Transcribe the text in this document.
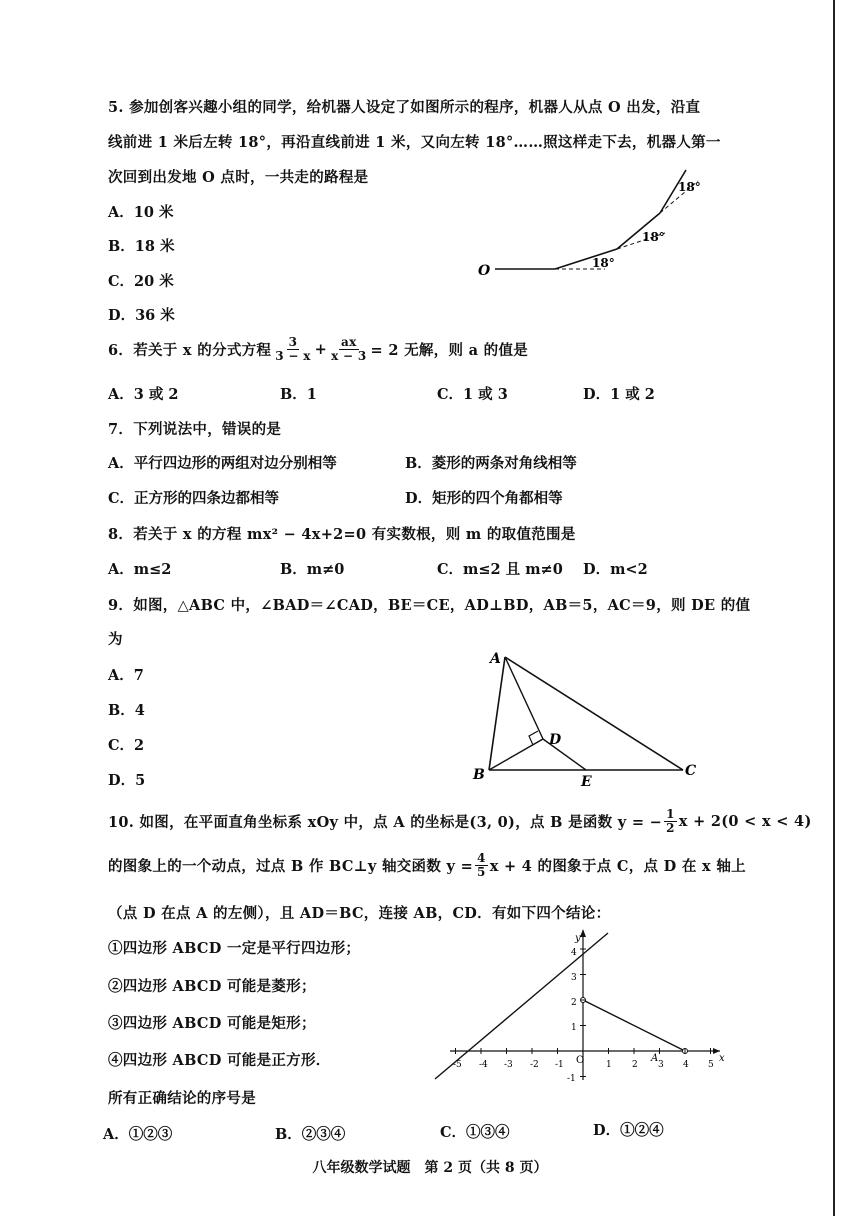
5. 参加创客兴趣小组的同学，给机器人设定了如图所示的程序，机器人从点 O 出发，沿直
线前进 1 米后左转 18°，再沿直线前进 1 米，又向左转 18°……照这样走下去，机器人第一
次回到出发地 O 点时，一共走的路程是
A．10 米
B．18 米
C．20 米
D．36 米
O	18°
18°
18°
6．若关于 x 的分式方程 $\frac{3}{3 - x} + \frac{ax}{x - 3} = 2$ 无解，则 a 的值是
A．3 或 2	B．1	C．1 或 3	D．1 或 2
7．下列说法中，错误的是
A．平行四边形的两组对边分别相等	B．菱形的两条对角线相等
C．正方形的四条边都相等	D．矩形的四个角都相等
8．若关于 x 的方程 mx² − 4x+2=0 有实数根，则 m 的取值范围是
A．m≤2	B．m≠0	C．m≤2 且 m≠0 D．m<2
9．如图，△ABC 中，∠BAD＝∠CAD，BE＝CE，AD⊥BD，AB＝5，AC＝9，则 DE 的值
为
A．7
B．4
C．2
D．5
A
B	C
D
E
10. 如图，在平面直角坐标系 xOy 中，点 A 的坐标是(3, 0)，点 B 是函数 y = − $\frac{1}{2}$ x + 2(0 < x < 4)
的图象上的一个动点，过点 B 作 BC⊥y 轴交函数 $y = \frac{4}{5}$ x + 4 的图象于点 C，点 D 在 x 轴上
（点 D 在点 A 的左侧），且 AD＝BC，连接 AB，CD．有如下四个结论：
①四边形 ABCD 一定是平行四边形；
②四边形 ABCD 可能是菱形；
③四边形 ABCD 可能是矩形；
④四边形 ABCD 可能是正方形．
所有正确结论的序号是
A．①②③	B．②③④	C．①③④	D．①②④
y
x
O	A
-1
-2
-3
-4
-5	1 2 3 4 5
4
3
2
1
-1
八年级数学试题　第 2 页（共 8 页）
